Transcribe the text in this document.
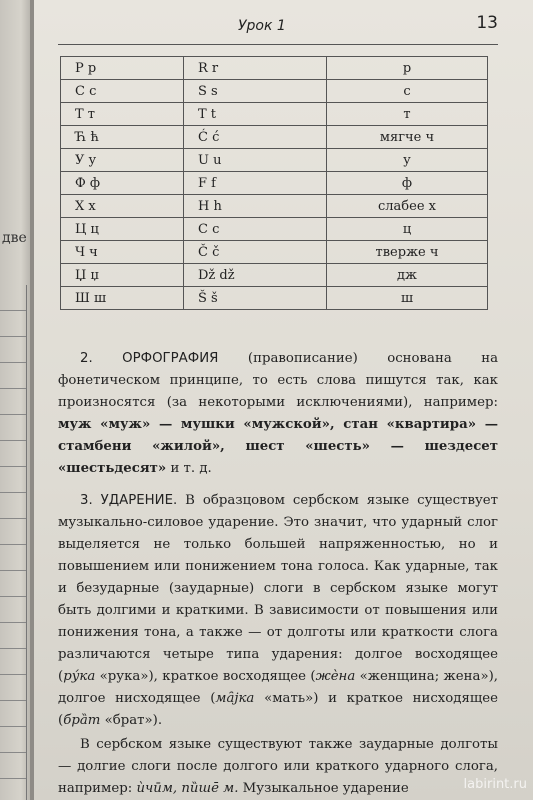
две
Урок 1	13
Р р	R r	р
С с	S s	с
Т т	T t	т
Ћ ћ	Ć ć	мягче ч
У у	U u	у
Ф ф	F f	ф
Х х	H h	слабее х
Ц ц	C c	ц
Ч ч	Č č	тверже ч
Џ џ	Dž dž	дж
Ш ш	Š š	ш

2. ОРФОГРАФИЯ (правописание) основана на фонетическом принципе, то есть слова пишутся так, как произносятся (за некоторыми исключениями), например: муж «муж» — мушки «мужской», стан «квартира» — стамбени «жилой», шест «шесть» — шездесет «шестьдесят» и т. д.

3. УДАРЕНИЕ. В образцовом сербском языке существует музыкально-силовое ударение. Это значит, что ударный слог выделяется не только большей напряженностью, но и повышением или понижением тона голоса. Как ударные, так и безударные (заударные) слоги в сербском языке могут быть долгими и краткими. В зависимости от повышения или понижения тона, а также — от долготы или краткости слога различаются четыре типа ударения: долгое восходящее (ру́ка «рука»), краткое восходящее (жѐна «женщина; жена»), долгое нисходящее (мȃјка «мать») и краткое нисходящее (брȁт «брат»).

В сербском языке существуют также заударные долготы — долгие слоги после долгого или краткого ударного слога, например: ѝчӣм, пи̏шē м. Музыкальное ударение	labirint.ru
